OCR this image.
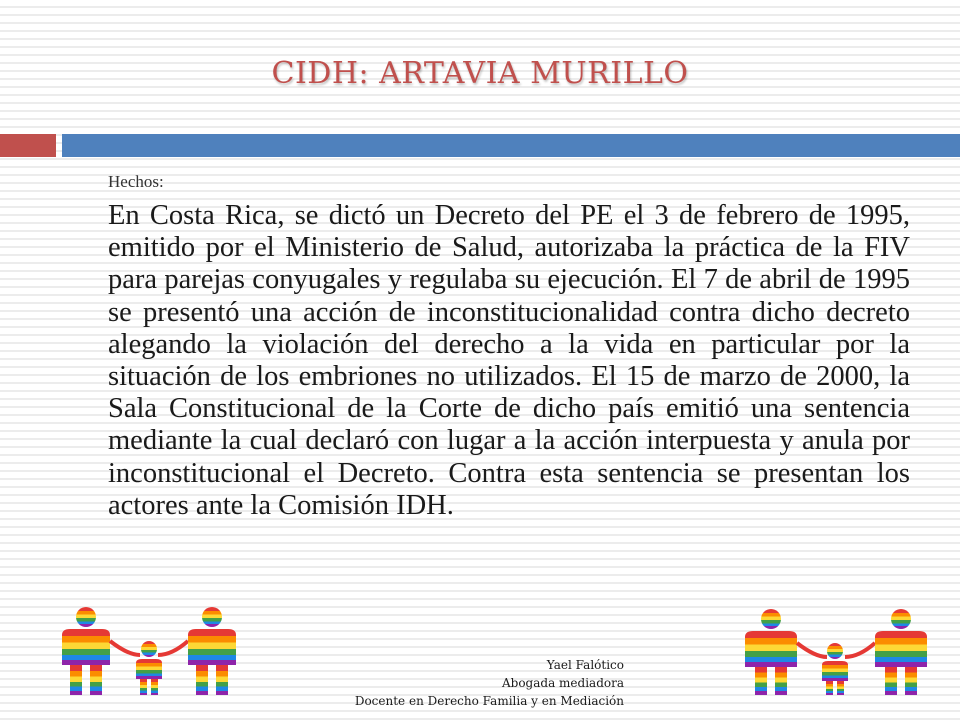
CIDH: ARTAVIA MURILLO
Hechos:

En Costa Rica, se dictó un Decreto del PE el 3 de febrero de 1995, emitido por el Ministerio de Salud, autorizaba la práctica de la FIV para parejas conyugales y regulaba su ejecución. El 7 de abril de 1995 se presentó una acción de inconstitucionalidad contra dicho decreto alegando la violación del derecho a la vida en particular por la situación de los embriones no utilizados. El 15 de marzo de 2000, la Sala Constitucional de la Corte de dicho país emitió una sentencia mediante la cual declaró con lugar a la acción interpuesta y anula por inconstitucional el Decreto. Contra esta sentencia se presentan los actores ante la Comisión IDH.

Yael Falótico
Abogada mediadora
Docente en Derecho Familia y en Mediación
